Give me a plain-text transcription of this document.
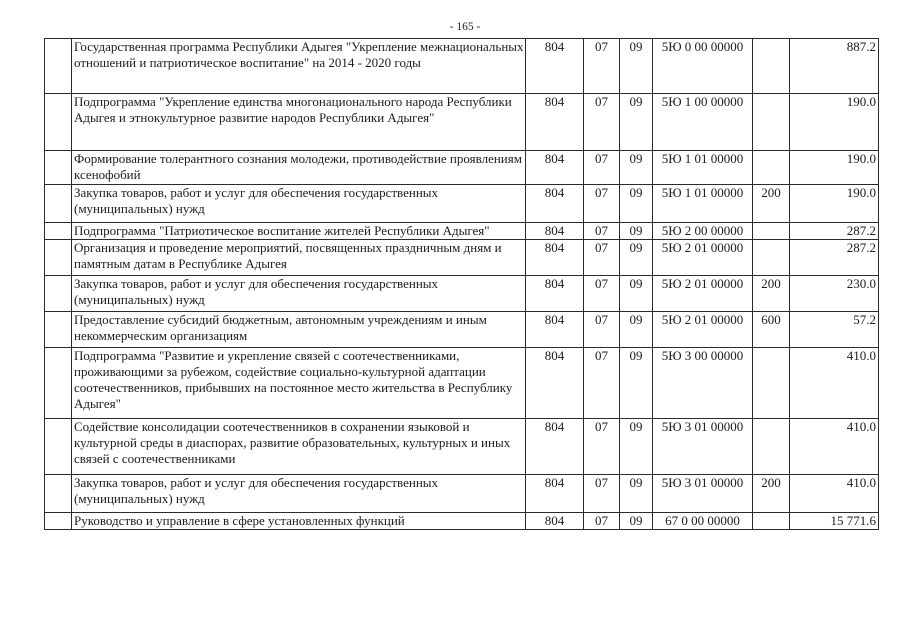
- 165 -

	Государственная программа Республики Адыгея "Укрепление межнациональных
отношений и патриотическое воспитание" на 2014 - 2020 годы	804	07	09	5Ю 0 00 00000		887.2

	Подпрограмма "Укрепление единства многонационального народа Республики
Адыгея и этнокультурное развитие народов Республики Адыгея"	804	07	09	5Ю 1 00 00000		190.0

	Формирование толерантного сознания молодежи, противодействие проявлениям
ксенофобий	804	07	09	5Ю 1 01 00000		190.0

	Закупка товаров, работ и услуг для обеспечения государственных
(муниципальных) нужд	804	07	09	5Ю 1 01 00000	200	190.0

	Подпрограмма "Патриотическое воспитание жителей Республики Адыгея"	804	07	09	5Ю 2 00 00000		287.2

	Организация и проведение мероприятий, посвященных праздничным дням и
памятным датам в Республике Адыгея	804	07	09	5Ю 2 01 00000		287.2

	Закупка товаров, работ и услуг для обеспечения государственных
(муниципальных) нужд	804	07	09	5Ю 2 01 00000	200	230.0

	Предоставление субсидий бюджетным, автономным учреждениям и иным
некоммерческим организациям	804	07	09	5Ю 2 01 00000	600	57.2

	Подпрограмма "Развитие и укрепление связей с соотечественниками,
проживающими за рубежом, содействие социально-культурной адаптации
соотечественников, прибывших на постоянное место жительства в Республику
Адыгея"	804	07	09	5Ю 3 00 00000		410.0

	Содействие консолидации соотечественников в сохранении языковой и
культурной среды в диаспорах, развитие образовательных, культурных и иных
связей с соотечественниками	804	07	09	5Ю 3 01 00000		410.0

	Закупка товаров, работ и услуг для обеспечения государственных
(муниципальных) нужд	804	07	09	5Ю 3 01 00000	200	410.0

	Руководство и управление в сфере установленных функций	804	07	09	67 0 00 00000		15 771.6
